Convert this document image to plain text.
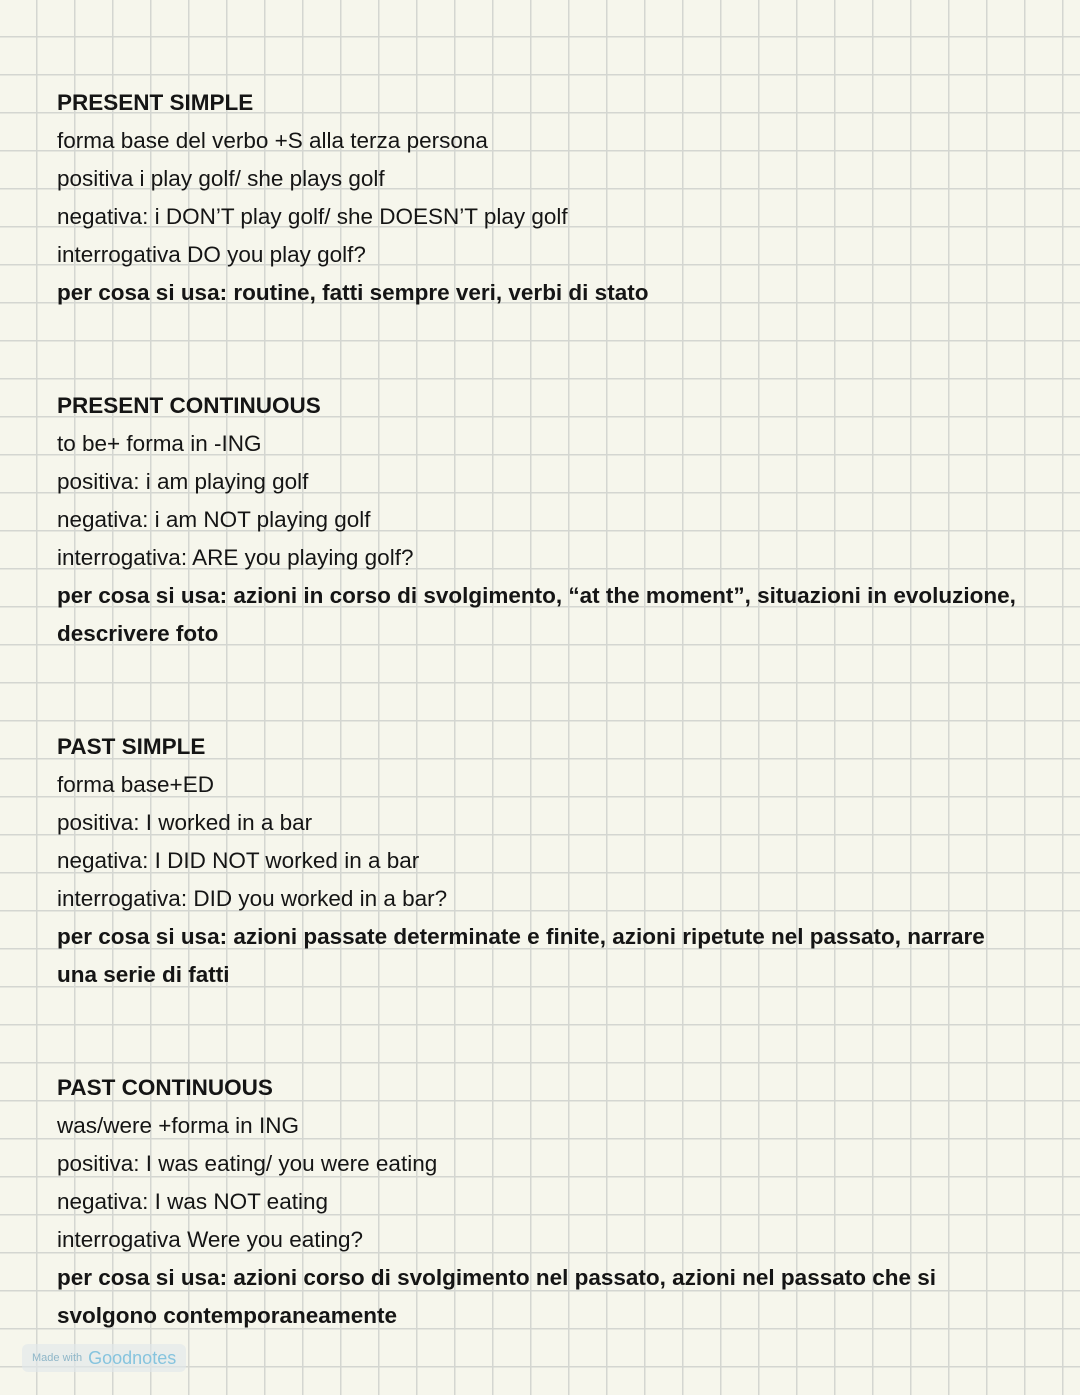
PRESENT SIMPLE
forma base del verbo +S alla terza persona
positiva i play golf/ she plays golf
negativa: i DON’T play golf/ she DOESN’T play golf
interrogativa DO you play golf?
per cosa si usa: routine, fatti sempre veri, verbi di stato
PRESENT CONTINUOUS
to be+ forma in -ING
positiva: i am playing golf
negativa: i am NOT playing golf
interrogativa: ARE you playing golf?
per cosa si usa: azioni in corso di svolgimento, “at the moment”, situazioni in evoluzione, descrivere foto
PAST SIMPLE
forma base+ED
positiva: I worked in a bar
negativa: I DID NOT worked in a bar
interrogativa: DID you worked in a bar?
per cosa si usa: azioni passate determinate e finite, azioni ripetute nel passato, narrare una serie di fatti
PAST CONTINUOUS
was/were +forma in ING
positiva: I was eating/ you were eating
negativa: I was NOT eating
interrogativa Were you eating?
per cosa si usa: azioni corso di svolgimento nel passato, azioni nel passato che si svolgono contemporaneamente
Made with Goodnotes
